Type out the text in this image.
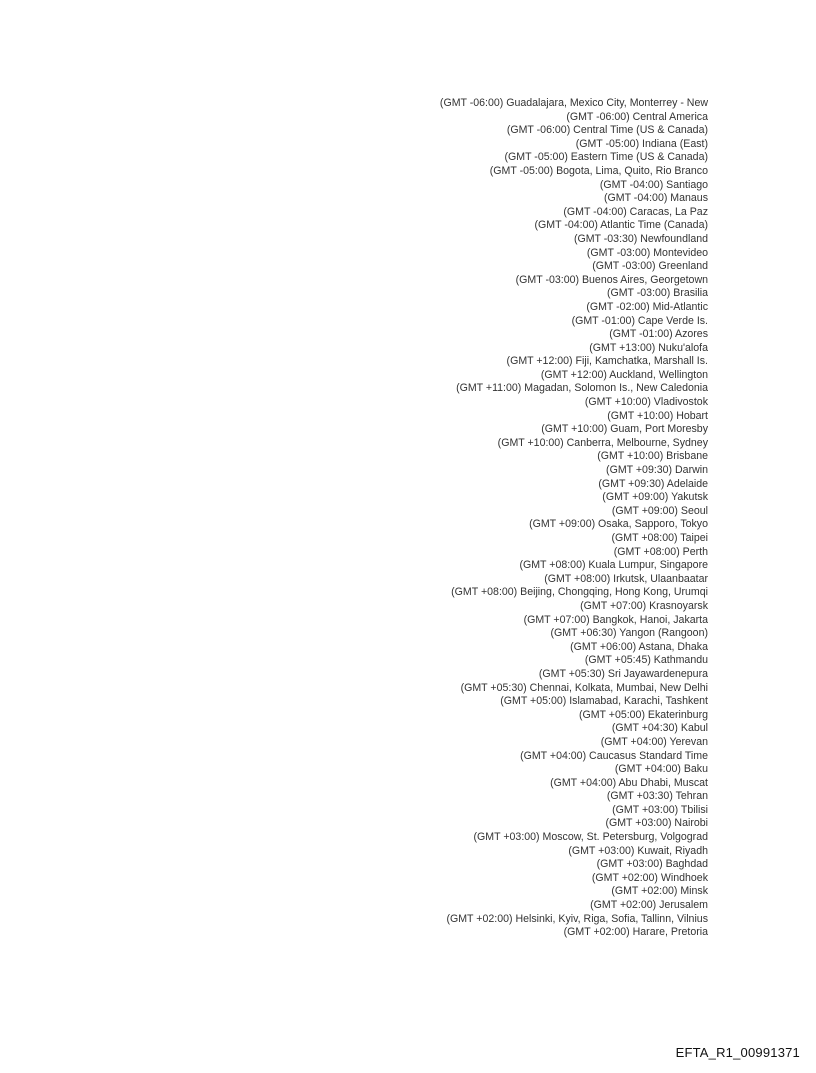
(GMT -06:00) Guadalajara, Mexico City, Monterrey - New
(GMT -06:00) Central America
(GMT -06:00) Central Time (US & Canada)
(GMT -05:00) Indiana (East)
(GMT -05:00) Eastern Time (US & Canada)
(GMT -05:00) Bogota, Lima, Quito, Rio Branco
(GMT -04:00) Santiago
(GMT -04:00) Manaus
(GMT -04:00) Caracas, La Paz
(GMT -04:00) Atlantic Time (Canada)
(GMT -03:30) Newfoundland
(GMT -03:00) Montevideo
(GMT -03:00) Greenland
(GMT -03:00) Buenos Aires, Georgetown
(GMT -03:00) Brasilia
(GMT -02:00) Mid-Atlantic
(GMT -01:00) Cape Verde Is.
(GMT -01:00) Azores
(GMT +13:00) Nuku'alofa
(GMT +12:00) Fiji, Kamchatka, Marshall Is.
(GMT +12:00) Auckland, Wellington
(GMT +11:00) Magadan, Solomon Is., New Caledonia
(GMT +10:00) Vladivostok
(GMT +10:00) Hobart
(GMT +10:00) Guam, Port Moresby
(GMT +10:00) Canberra, Melbourne, Sydney
(GMT +10:00) Brisbane
(GMT +09:30) Darwin
(GMT +09:30) Adelaide
(GMT +09:00) Yakutsk
(GMT +09:00) Seoul
(GMT +09:00) Osaka, Sapporo, Tokyo
(GMT +08:00) Taipei
(GMT +08:00) Perth
(GMT +08:00) Kuala Lumpur, Singapore
(GMT +08:00) Irkutsk, Ulaanbaatar
(GMT +08:00) Beijing, Chongqing, Hong Kong, Urumqi
(GMT +07:00) Krasnoyarsk
(GMT +07:00) Bangkok, Hanoi, Jakarta
(GMT +06:30) Yangon (Rangoon)
(GMT +06:00) Astana, Dhaka
(GMT +05:45) Kathmandu
(GMT +05:30) Sri Jayawardenepura
(GMT +05:30) Chennai, Kolkata, Mumbai, New Delhi
(GMT +05:00) Islamabad, Karachi, Tashkent
(GMT +05:00) Ekaterinburg
(GMT +04:30) Kabul
(GMT +04:00) Yerevan
(GMT +04:00) Caucasus Standard Time
(GMT +04:00) Baku
(GMT +04:00) Abu Dhabi, Muscat
(GMT +03:30) Tehran
(GMT +03:00) Tbilisi
(GMT +03:00) Nairobi
(GMT +03:00) Moscow, St. Petersburg, Volgograd
(GMT +03:00) Kuwait, Riyadh
(GMT +03:00) Baghdad
(GMT +02:00) Windhoek
(GMT +02:00) Minsk
(GMT +02:00) Jerusalem
(GMT +02:00) Helsinki, Kyiv, Riga, Sofia, Tallinn, Vilnius
(GMT +02:00) Harare, Pretoria
EFTA_R1_00991371
